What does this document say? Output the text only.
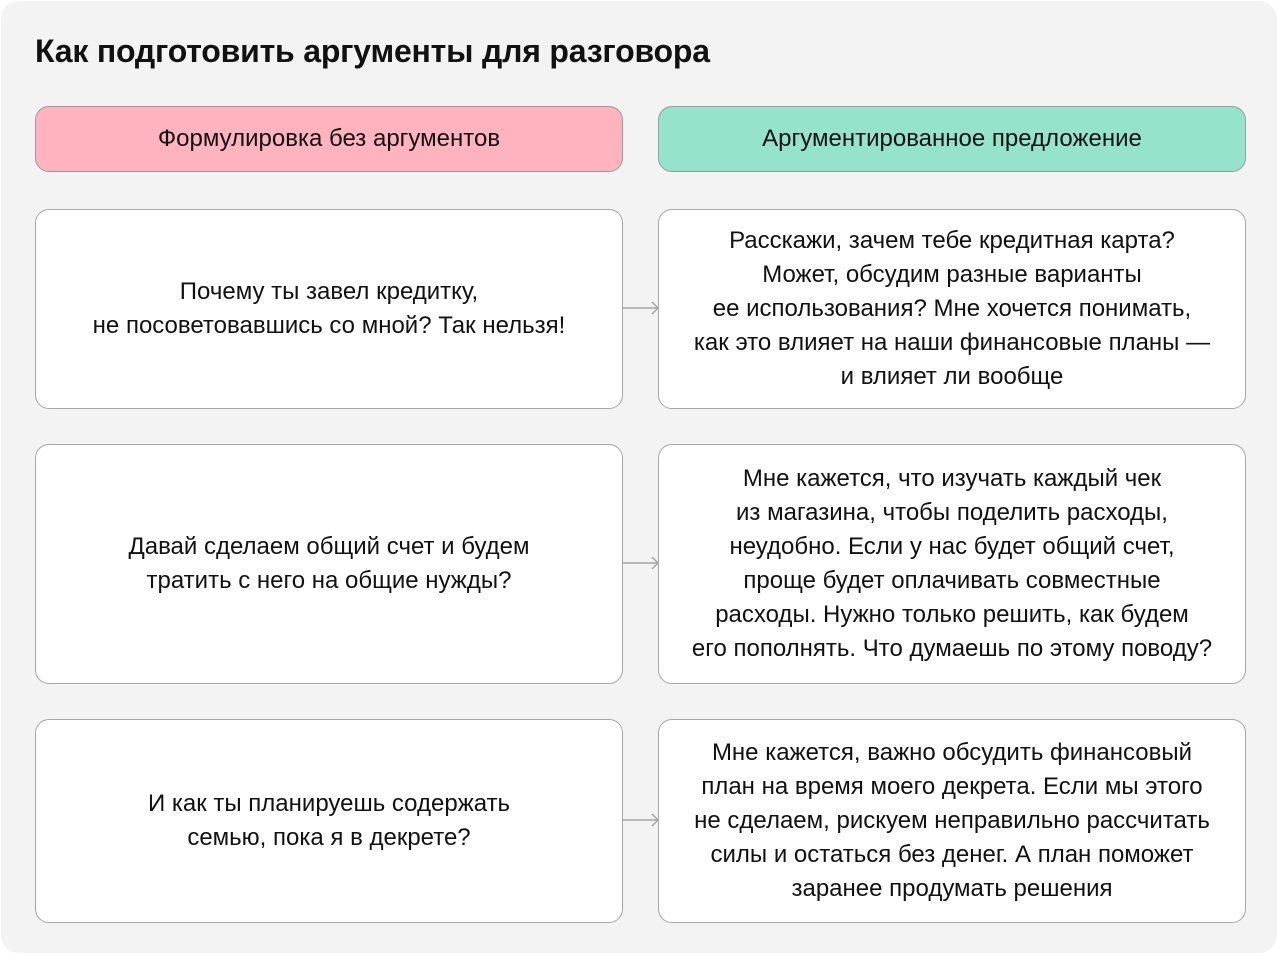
Как подготовить аргументы для разговора
Формулировка без аргументов	Аргументированное предложение
Почему ты завел кредитку,
не посоветовавшись со мной? Так нельзя!
Расскажи, зачем тебе кредитная карта?
Может, обсудим разные варианты
ее использования? Мне хочется понимать,
как это влияет на наши финансовые планы —
и влияет ли вообще
Давай сделаем общий счет и будем
тратить с него на общие нужды?
Мне кажется, что изучать каждый чек
из магазина, чтобы поделить расходы,
неудобно. Если у нас будет общий счет,
проще будет оплачивать совместные
расходы. Нужно только решить, как будем
его пополнять. Что думаешь по этому поводу?
И как ты планируешь содержать
семью, пока я в декрете?
Мне кажется, важно обсудить финансовый
план на время моего декрета. Если мы этого
не сделаем, рискуем неправильно рассчитать
силы и остаться без денег. А план поможет
заранее продумать решения
